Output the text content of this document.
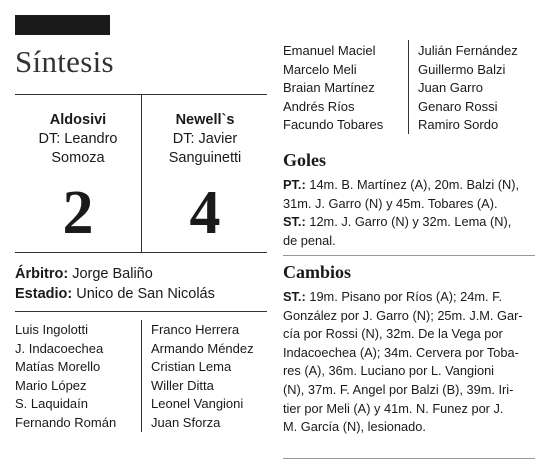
Síntesis
Aldosivi
DT: Leandro
Somoza
2
Newell`s
DT: Javier
Sanguinetti
4
Árbitro: Jorge Baliño
Estadio: Unico de San Nicolás
Luis Ingolotti
J. Indacoechea
Matías Morello
Mario López
S. Laquidaín
Fernando Román
Franco Herrera
Armando Méndez
Cristian Lema
Willer Ditta
Leonel Vangioni
Juan Sforza
Emanuel Maciel
Marcelo Meli
Braian Martínez
Andrés Ríos
Facundo Tobares
Julián Fernández
Guillermo Balzi
Juan Garro
Genaro Rossi
Ramiro Sordo
Goles
PT.: 14m. B. Martínez (A), 20m. Balzi (N),
31m. J. Garro (N) y 45m. Tobares (A).
ST.: 12m. J. Garro (N) y 32m. Lema (N),
de penal.
Cambios
ST.: 19m. Pisano por Ríos (A); 24m. F.
González por J. Garro (N); 25m. J.M. Gar-
cía por Rossi (N), 32m. De la Vega por
Indacoechea (A); 34m. Cervera por Toba-
res (A), 36m. Luciano por L. Vangioni
(N), 37m. F. Angel por Balzi (B), 39m. Iri-
tier por Meli (A) y 41m. N. Funez por J.
M. García (N), lesionado.
